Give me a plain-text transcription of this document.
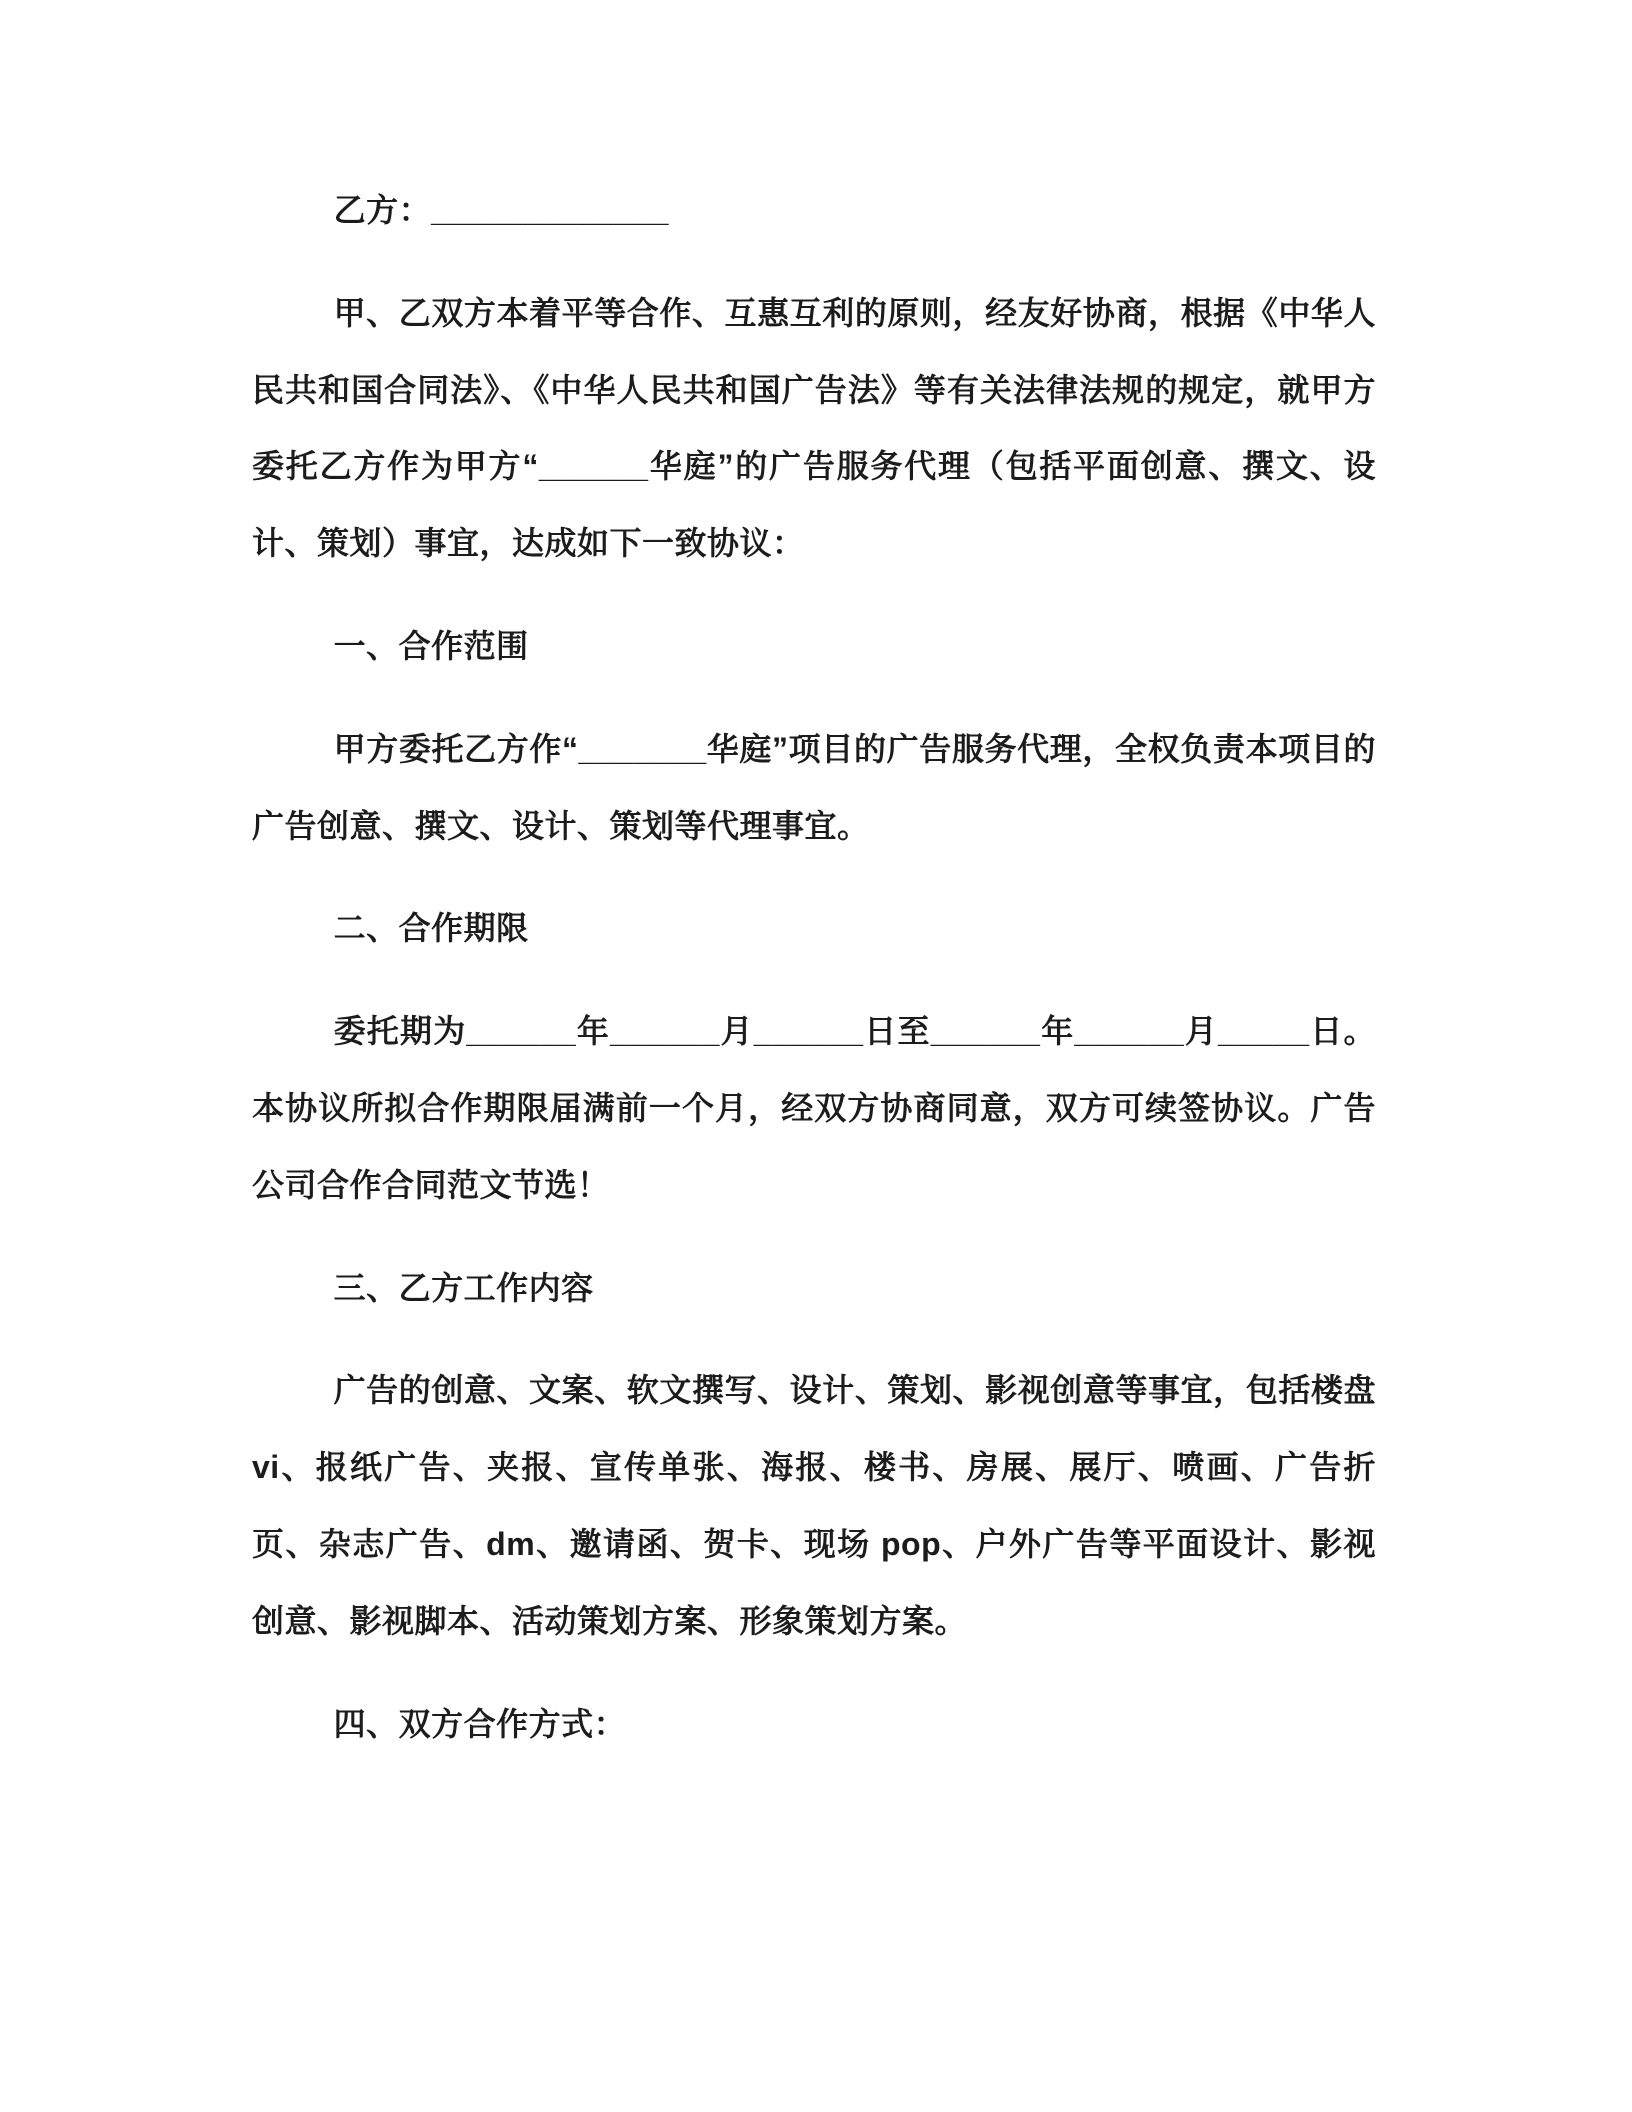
乙方：_____________

甲、乙双方本着平等合作、互惠互利的原则，经友好协商，根据《中华人民共和国合同法》、《中华人民共和国广告法》等有关法律法规的规定，就甲方委托乙方作为甲方“______华庭”的广告服务代理（包括平面创意、撰文、设计、策划）事宜，达成如下一致协议：

一、合作范围

甲方委托乙方作“_______华庭”项目的广告服务代理，全权负责本项目的广告创意、撰文、设计、策划等代理事宜。

二、合作期限

委托期为______年______月______日至______年______月_____日。本协议所拟合作期限届满前一个月，经双方协商同意，双方可续签协议。广告公司合作合同范文节选！

三、乙方工作内容

广告的创意、文案、软文撰写、设计、策划、影视创意等事宜，包括楼盘 vi、报纸广告、夹报、宣传单张、海报、楼书、房展、展厅、喷画、广告折页、杂志广告、dm、邀请函、贺卡、现场 pop、户外广告等平面设计、影视创意、影视脚本、活动策划方案、形象策划方案。

四、双方合作方式：
